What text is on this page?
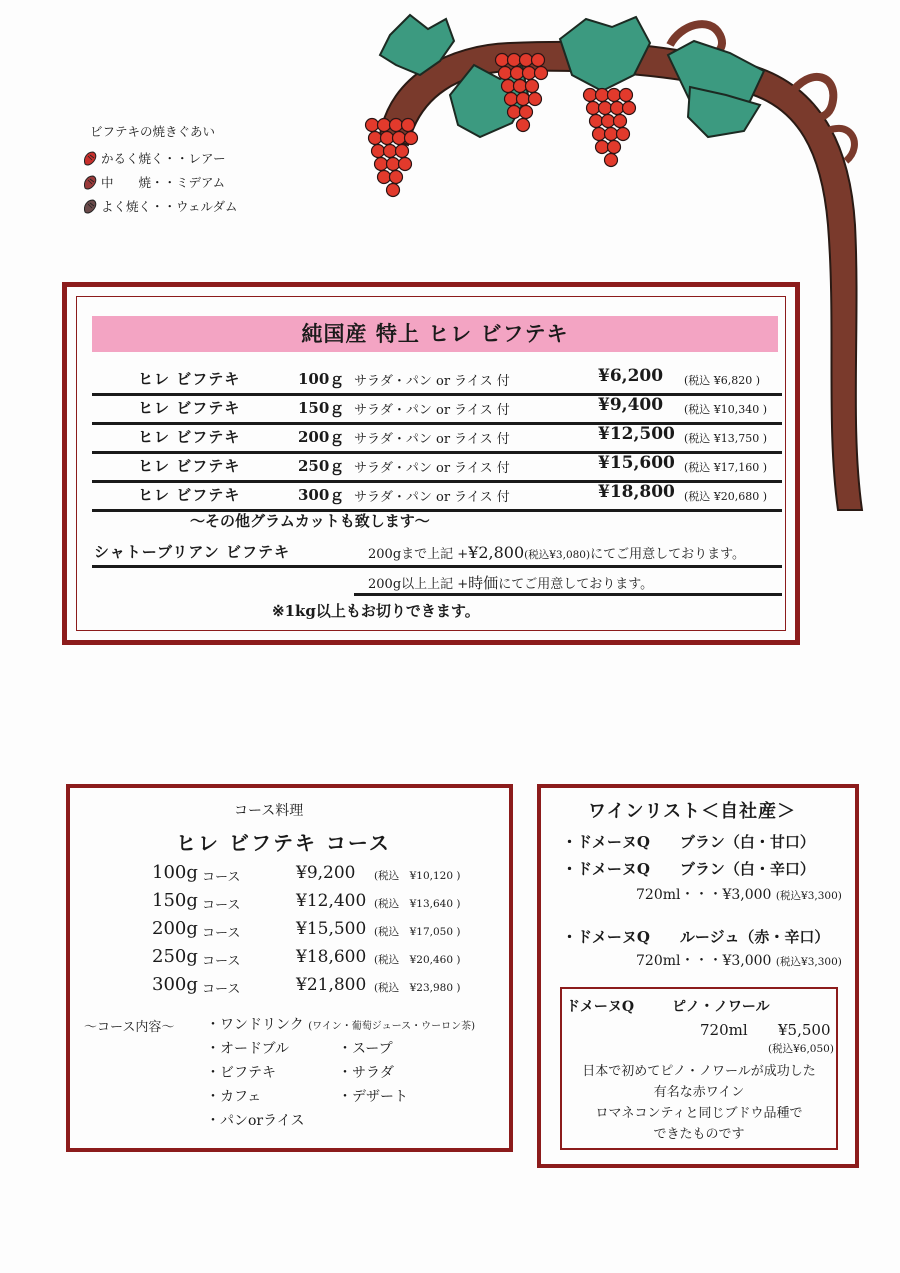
ビフテキの焼きぐあい
かるく焼く・・レアー
中　　焼・・ミデアム
よく焼く・・ウェルダム
純国産 特上 ヒレ ビフテキ
ヒレ ビフテキ	100ｇ サラダ・パン or ライス 付	¥6,200 (税込 ¥6,820 )
ヒレ ビフテキ	150ｇ サラダ・パン or ライス 付	¥9,400 (税込 ¥10,340 )
ヒレ ビフテキ	200ｇ サラダ・パン or ライス 付	¥12,500 (税込 ¥13,750 )
ヒレ ビフテキ	250ｇ サラダ・パン or ライス 付	¥15,600 (税込 ¥17,160 )
ヒレ ビフテキ	300ｇ サラダ・パン or ライス 付	¥18,800 (税込 ¥20,680 )
～その他グラムカットも致します～
シャトーブリアン ビフテキ	200gまで上記 +¥2,800(税込¥3,080)にてご用意しております。
200g以上上記 +時価にてご用意しております。
※1kg以上もお切りできます。
コース料理
ヒレ ビフテキ コース
100g コース	¥9,200 (税込　¥10,120 )
150g コース	¥12,400 (税込　¥13,640 )
200g コース	¥15,500 (税込　¥17,050 )
250g コース	¥18,600 (税込　¥20,460 )
300g コース	¥21,800 (税込　¥23,980 )
～コース内容～ ・ワンドリンク (ワイン・葡萄ジュース・ウーロン茶)
・オードブル	・スープ
・ビフテキ	・サラダ
・カフェ	・デザート
・パンorライス
ワインリスト＜自社産＞
・ドメーヌQ　　ブラン（白・甘口）
・ドメーヌQ　　ブラン（白・辛口）
720ml・・・¥3,000 (税込¥3,300)
・ドメーヌQ　　ルージュ（赤・辛口）
720ml・・・¥3,000 (税込¥3,300)
ドメーヌQ	ピノ・ノワール
720ml ¥5,500
(税込¥6,050)
日本で初めてピノ・ノワールが成功した
有名な赤ワイン
ロマネコンティと同じブドウ品種で
できたものです
